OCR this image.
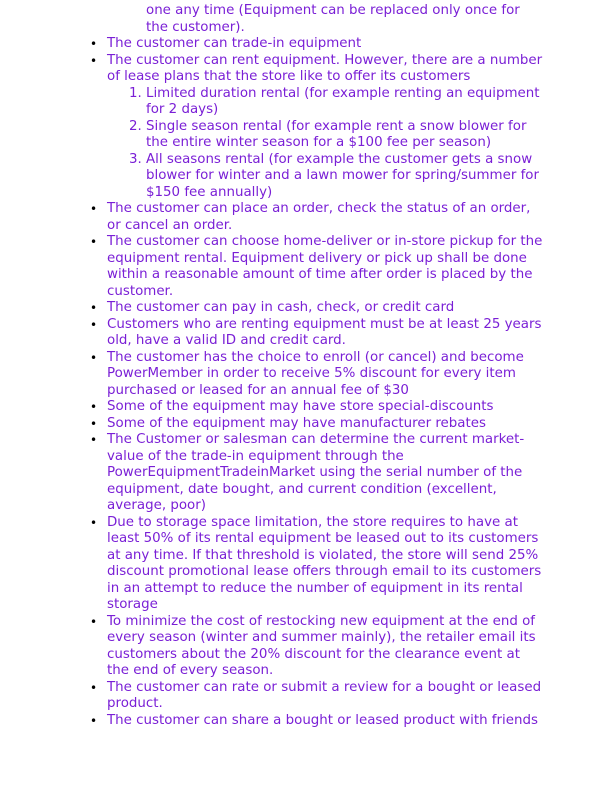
one any time (Equipment can be replaced only once for
the customer).
• The customer can trade-in equipment
• The customer can rent equipment. However, there are a number
of lease plans that the store like to offer its customers
1. Limited duration rental (for example renting an equipment
for 2 days)
2. Single season rental (for example rent a snow blower for
the entire winter season for a $100 fee per season)
3. All seasons rental (for example the customer gets a snow
blower for winter and a lawn mower for spring/summer for
$150 fee annually)
• The customer can place an order, check the status of an order,
or cancel an order.
• The customer can choose home-deliver or in-store pickup for the
equipment rental. Equipment delivery or pick up shall be done
within a reasonable amount of time after order is placed by the
customer.
• The customer can pay in cash, check, or credit card
• Customers who are renting equipment must be at least 25 years
old, have a valid ID and credit card.
• The customer has the choice to enroll (or cancel) and become
PowerMember in order to receive 5% discount for every item
purchased or leased for an annual fee of $30
• Some of the equipment may have store special-discounts
• Some of the equipment may have manufacturer rebates
• The Customer or salesman can determine the current market-
value of the trade-in equipment through the
PowerEquipmentTradeinMarket using the serial number of the
equipment, date bought, and current condition (excellent,
average, poor)
• Due to storage space limitation, the store requires to have at
least 50% of its rental equipment be leased out to its customers
at any time. If that threshold is violated, the store will send 25%
discount promotional lease offers through email to its customers
in an attempt to reduce the number of equipment in its rental
storage
• To minimize the cost of restocking new equipment at the end of
every season (winter and summer mainly), the retailer email its
customers about the 20% discount for the clearance event at
the end of every season.
• The customer can rate or submit a review for a bought or leased
product.
• The customer can share a bought or leased product with friends
